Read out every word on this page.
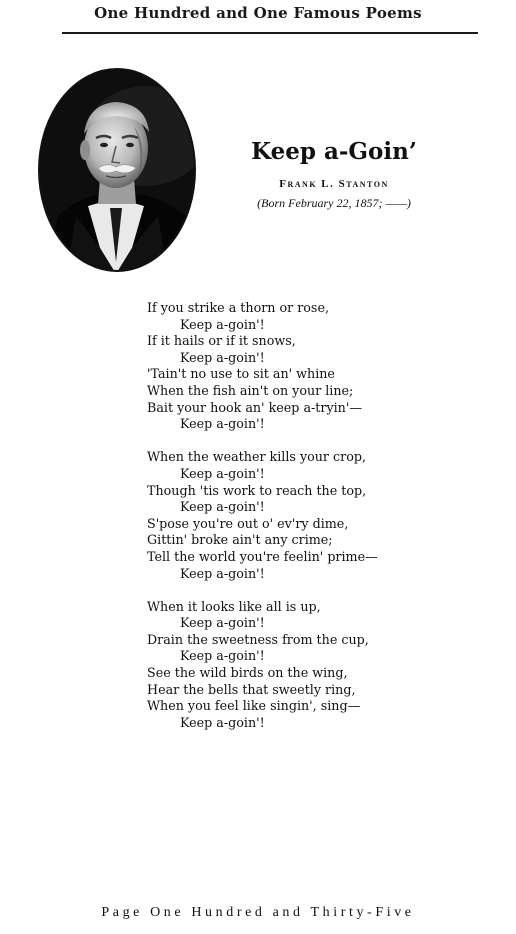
One Hundred and One Famous Poems
Keep a-Goin’
Frank L. Stanton
(Born February 22, 1857; ——)
If you strike a thorn or rose,
Keep a-goin'!
If it hails or if it snows,
Keep a-goin'!
'Tain't no use to sit an' whine
When the fish ain't on your line;
Bait your hook an' keep a-tryin'—
Keep a-goin'!
When the weather kills your crop,
Keep a-goin'!
Though 'tis work to reach the top,
Keep a-goin'!
S'pose you're out o' ev'ry dime,
Gittin' broke ain't any crime;
Tell the world you're feelin' prime—
Keep a-goin'!
When it looks like all is up,
Keep a-goin'!
Drain the sweetness from the cup,
Keep a-goin'!
See the wild birds on the wing,
Hear the bells that sweetly ring,
When you feel like singin', sing—
Keep a-goin'!
Page One Hundred and Thirty-Five
